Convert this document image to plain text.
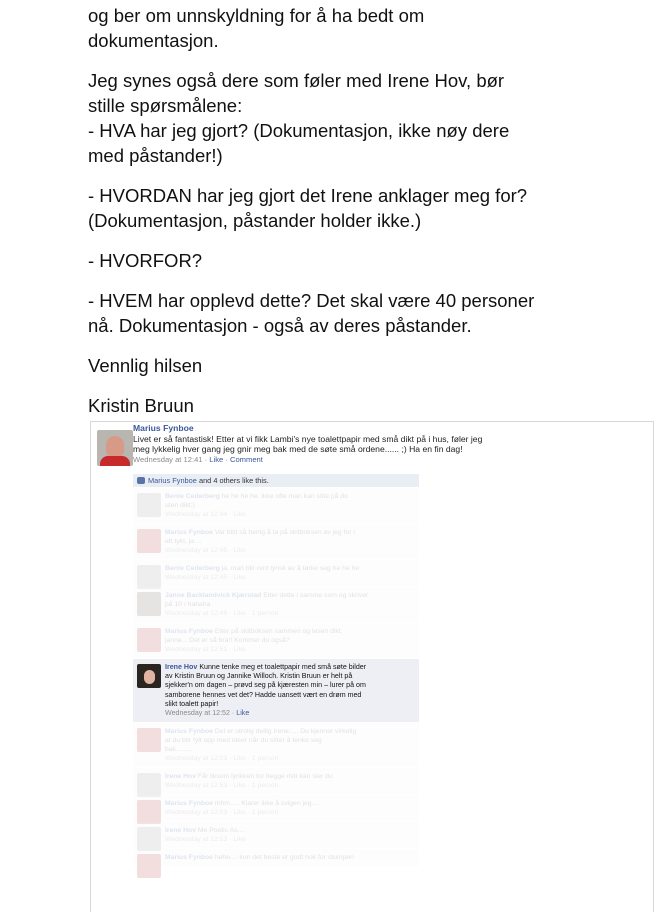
og ber om unnskyldning for å ha bedt om
dokumentasjon.

Jeg synes også dere som føler med Irene Hov, bør
stille spørsmålene:
- HVA har jeg gjort? (Dokumentasjon, ikke nøy dere
med påstander!)

- HVORDAN har jeg gjort det Irene anklager meg for?
(Dokumentasjon, påstander holder ikke.)

- HVORFOR?

- HVEM har opplevd dette? Det skal være 40 personer
nå. Dokumentasjon - også av deres påstander.

Vennlig hilsen

Kristin Bruun

Marius Fynboe
Livet er så fantastisk! Etter at vi fikk Lambi's nye toalettpapir med små dikt på i hus, føler jeg
meg lykkelig hver gang jeg gnir meg bak med de søte små ordene...... ;) Ha en fin dag!
Wednesday at 12:41 · Like · Comment
Marius Fynboe and 4 others like this.
Bente Cederberg he he he he. ikke ofte man kan sitte på do
uten dikt;)
Wednesday at 12:44 · Like
Marius Fynboe Var blitt så herlig å ta på skitboksen av jeg for i
ett tykt, ja....
Wednesday at 12:45 · Like
Bente Cederberg ja, man blir rent lyrisk av å tørke seg he he he
Wednesday at 12:45 · Like
Janne Backlandvick Kjærstad Etter dette i samme som og skriver
på 10 / hahaha
Wednesday at 12:49 · Like · 1 person
Marius Fynboe Etter på skitboksen sammen og lesen dikt,
janne... Det er så bra!! Kommer du også?
Wednesday at 12:51 · Like
Irene Hov Kunne tenke meg et toalettpapir med små søte bilder
av Kristin Bruun og Jannike Willoch. Kristin Bruun er helt på
sjekker'n om dagen – prøvd seg på kjæresten min – lurer på om
samborene hennes vet det? Hadde uansett vært en drøm med
slikt toalett papir!
Wednesday at 12:52 · Like
Marius Fynboe Det er utrolig deilig Irene..... Du kjenner virkelig
at du blir fylt opp med ideer når du sitter å tenke seg
bak.........
Wednesday at 12:53 · Like · 1 person
Irene Hov Får liksom lyrikken tor begge mitt kan sier du
Wednesday at 12:53 · Like · 1 person
Marius Fynboe mhm..... Klarer ikke å svigen jeg....
Wednesday at 12:53 · Like · 1 person
Irene Hov Me Poetic As....
Wednesday at 12:53 · Like
Marius Fynboe hehe.... kun det beste er godt nok for stumpen
